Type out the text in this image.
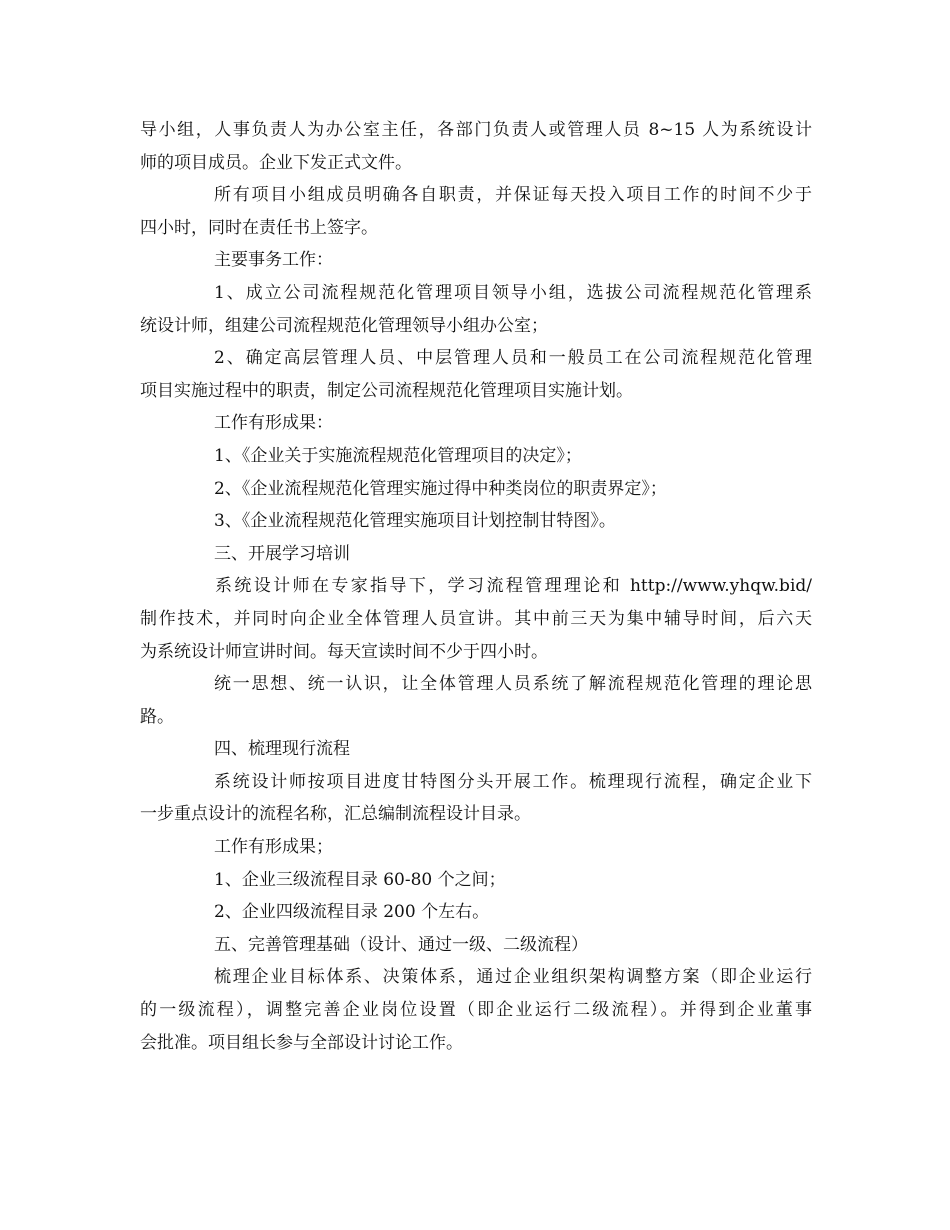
导小组，人事负责人为办公室主任，各部门负责人或管理人员 8~15 人为系统设计
师的项目成员。企业下发正式文件。
所有项目小组成员明确各自职责，并保证每天投入项目工作的时间不少于
四小时，同时在责任书上签字。
主要事务工作：
1、成立公司流程规范化管理项目领导小组，选拔公司流程规范化管理系
统设计师，组建公司流程规范化管理领导小组办公室；
2、确定高层管理人员、中层管理人员和一般员工在公司流程规范化管理
项目实施过程中的职责，制定公司流程规范化管理项目实施计划。
工作有形成果：
1、《企业关于实施流程规范化管理项目的决定》；
2、《企业流程规范化管理实施过得中种类岗位的职责界定》；
3、《企业流程规范化管理实施项目计划控制甘特图》。
三、开展学习培训
系统设计师在专家指导下，学习流程管理理论和 http://www.yhqw.bid/
制作技术，并同时向企业全体管理人员宣讲。其中前三天为集中辅导时间，后六天
为系统设计师宣讲时间。每天宣读时间不少于四小时。
统一思想、统一认识，让全体管理人员系统了解流程规范化管理的理论思
路。
四、梳理现行流程
系统设计师按项目进度甘特图分头开展工作。梳理现行流程，确定企业下
一步重点设计的流程名称，汇总编制流程设计目录。
工作有形成果；
1、企业三级流程目录 60-80 个之间；
2、企业四级流程目录 200 个左右。
五、完善管理基础（设计、通过一级、二级流程）
梳理企业目标体系、决策体系，通过企业组织架构调整方案（即企业运行
的一级流程），调整完善企业岗位设置（即企业运行二级流程）。并得到企业董事
会批准。项目组长参与全部设计讨论工作。
